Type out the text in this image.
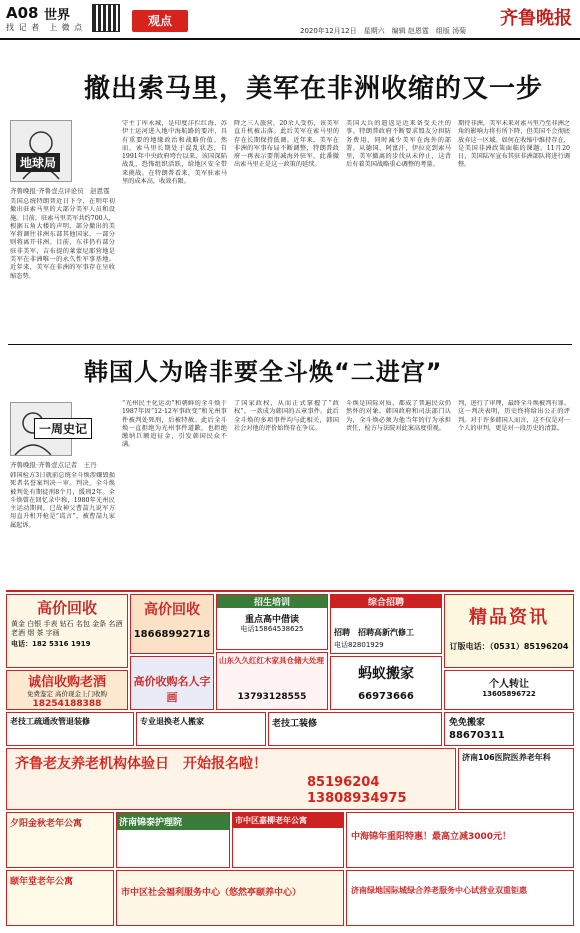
A08 世界
找 记 者　上 微 点	观点	齐鲁晚报
2020年12月12日　星期六　编辑 赵恩霆　组版 汤菊
撤出索马里，美军在非洲收缩的又一步
地球局
齐鲁晚报·齐鲁壹点评论员　赵恩霆
美国总统特朗普近日下令，在明年初撤出驻索马里的大部分美军人员和设施。目前，驻索马里美军共约700人，根据五角大楼的声明，部分撤出的美军将调往非洲东部其他国家，一部分则将离开非洲。目前，东非仍有部分驻非美军，吉布提的莱蒙尼耶营地是美军在非洲唯一的永久性军事基地。近年来，美军在非洲的军事存在呈收缩态势。
守主丁库永城，是印度洋拦红海、苏伊士运河进入地中海航路的要冲，具有重要的地缘政治和战略价值。然而，索马里长期处于混乱状态，自1991年中央政府垮台以来，该国深陷战乱，恐怖组织活跃，给地区安全带来挑战。在特朗普看来，美军驻索马里的成本高，收效有限。
降之三人旅营，20余人受伤，该美军直升机被击落。此后美军在索马里的存在长期保持低调。近年来，美军在非洲的军事布局不断调整，特朗普政府一再表示要削减海外驻军，此番撤出索马里正是这一政策的延续。
美国大兵的遣返是近来备受关注的事。特朗普政府不断要求盟友分担防务费用，同时减少美军在海外的部署。从德国、阿富汗、伊拉克到索马里，美军撤离的步伐从未停止，这背后有着美国战略重心调整的考量。
期待非洲，美军未来对索马里乃至非洲之角的影响力将有所下降，但美国不会彻底放弃这一区域。如何在收缩中维持存在，是美国非洲政策面临的课题。11月20日，美国陆军宣布其驻非洲部队将进行调整。
韩国人为啥非要全斗焕“二进宫”
一周史记
齐鲁晚报·齐鲁壹点记者　王丹
韩国检方3日就前总统全斗焕涉嫌毁损死者名誉案判决一审。判决，全斗焕被判处有期徒刑8个月，缓刑2年。全斗焕曾在回忆录中称，1980年光州民主运动期间，已故神父曹喆九说军方用直升机开枪是“谎言”，被曹喆九家属起诉。
“光州民主化运动”和朝鲜的全斗焕于1987年因“12·12军事政变”和光州事件被判处死刑，后被特赦。此后全斗焕一直拒绝为光州事件道歉，也拒绝缴纳巨额追征金，引发韩国民众不满。
了国家政权，从而正式掌握了“政权”。一款成为韩国的五章事件。此后全斗焕的多项事件均与此相关，韩国社会对他的评价始终存在争议。
斗焕是国际对质，都成了普遍民众仍然怀的对象。韩国政府和司法部门认为，全斗焕必须为他当年的行为承担责任，检方与法院对此案高度重视。
判，进行了审理，最终全斗焕被判有罪。这一判决表明，历史终将给出公正的评判。对于许多韩国人而言，这不仅是对一个人的审判，更是对一段历史的清算。
高价回收
黄金 白银 手表 钻石 名包 金条 名酒 老酒 烟 茶 字画
电话：182 5316 1919
诚信收购老酒
免费鉴定 高价现金上门收购
18254188388
高价回收
18668992718
高价收购名人字画
招生培训
重点高中借读
电话15864538625
山东久久红红木家具仓储大处理
13793128555
综合招聘
招聘　招聘高新汽修工
电话82801929
蚂蚁搬家
66973666
精品资讯
订版电话：（0531）85196204
个人转让
13605896722
老技工疏通改管退装修	专业退换老人搬家	老技工装修	免免搬家
88670311
齐鲁老友养老机构体验日　开始报名啦！
85196204
13808934975
济南106医院医养老年科
夕阳金秋老年公寓
颐年堂老年公寓
济南锦泰护理院	市中区嘉柳老年公寓
中海锦年重阳特惠！最高立减3000元！
市中区社会福利服务中心（悠然亭颐养中心）	济南绿地国际城绿合养老服务中心试营业双重钜惠
